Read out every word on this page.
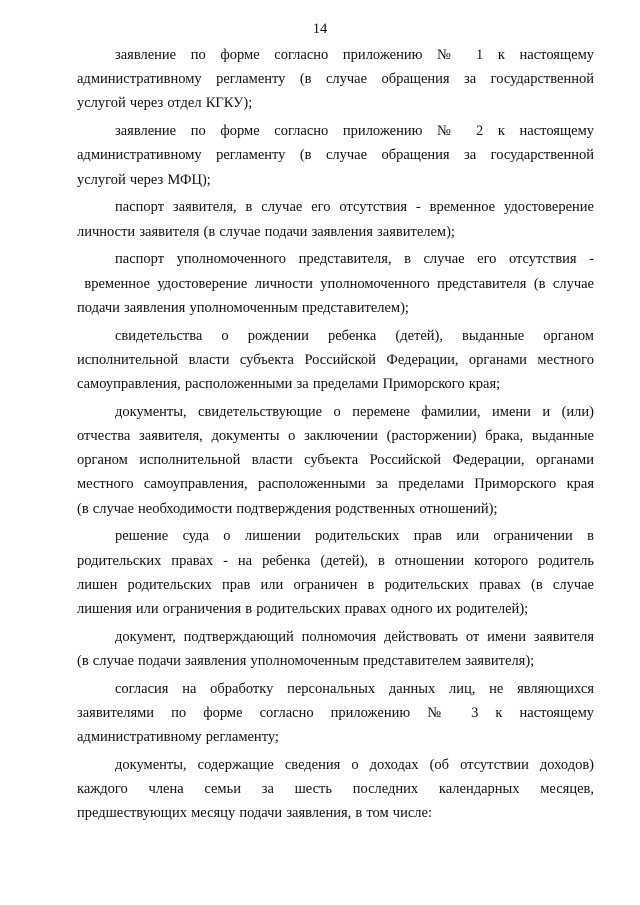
14

заявление по форме согласно приложению № 1 к настоящему
административному регламенту (в случае обращения за государственной
услугой через отдел КГКУ);

заявление по форме согласно приложению № 2 к настоящему
административному регламенту (в случае обращения за государственной
услугой через МФЦ);

паспорт заявителя, в случае его отсутствия - временное удостоверение
личности заявителя (в случае подачи заявления заявителем);

паспорт уполномоченного представителя, в случае его отсутствия -
временное удостоверение личности уполномоченного представителя (в случае
подачи заявления уполномоченным представителем);

свидетельства о рождении ребенка (детей), выданные органом
исполнительной власти субъекта Российской Федерации, органами местного
самоуправления, расположенными за пределами Приморского края;

документы, свидетельствующие о перемене фамилии, имени и (или)
отчества заявителя, документы о заключении (расторжении) брака, выданные
органом исполнительной власти субъекта Российской Федерации, органами
местного самоуправления, расположенными за пределами Приморского края
(в случае необходимости подтверждения родственных отношений);

решение суда о лишении родительских прав или ограничении в
родительских правах - на ребенка (детей), в отношении которого родитель
лишен родительских прав или ограничен в родительских правах (в случае
лишения или ограничения в родительских правах одного их родителей);

документ, подтверждающий полномочия действовать от имени заявителя
(в случае подачи заявления уполномоченным представителем заявителя);

согласия на обработку персональных данных лиц, не являющихся
заявителями по форме согласно приложению № 3 к настоящему
административному регламенту;

документы, содержащие сведения о доходах (об отсутствии доходов)
каждого члена семьи за шесть последних календарных месяцев,
предшествующих месяцу подачи заявления, в том числе:
